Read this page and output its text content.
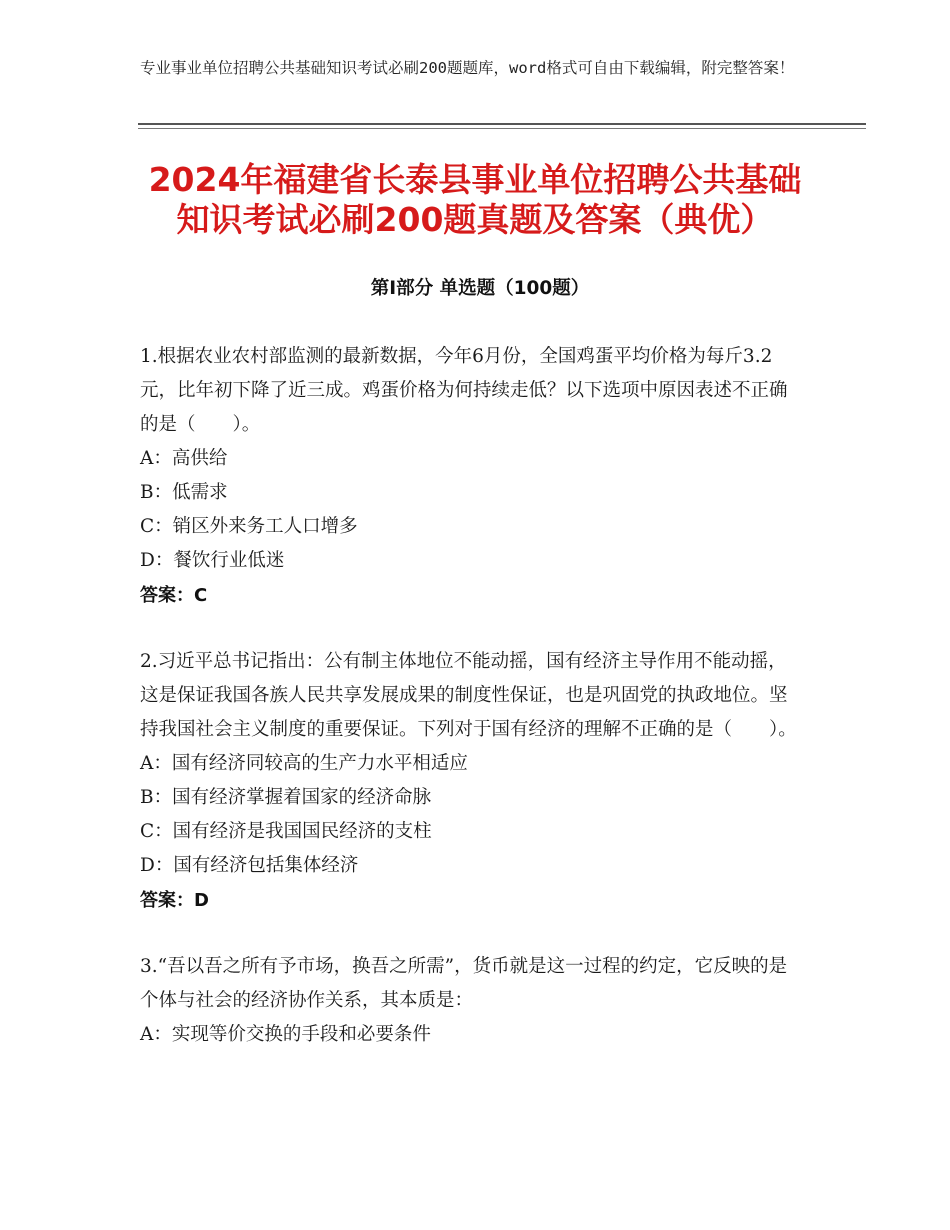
专业事业单位招聘公共基础知识考试必刷200题题库，word格式可自由下载编辑，附完整答案！
2024年福建省长泰县事业单位招聘公共基础
知识考试必刷200题真题及答案（典优）
第Ⅰ部分 单选题（100题）

1.根据农业农村部监测的最新数据，今年6月份，全国鸡蛋平均价格为每斤3.2元，比年初下降了近三成。鸡蛋价格为何持续走低？以下选项中原因表述不正确的是（　　）。

A：高供给

B：低需求

C：销区外来务工人口增多

D：餐饮行业低迷

答案：C

2.习近平总书记指出：公有制主体地位不能动摇，国有经济主导作用不能动摇，这是保证我国各族人民共享发展成果的制度性保证，也是巩固党的执政地位。坚持我国社会主义制度的重要保证。下列对于国有经济的理解不正确的是（　　）。

A：国有经济同较高的生产力水平相适应

B：国有经济掌握着国家的经济命脉

C：国有经济是我国国民经济的支柱

D：国有经济包括集体经济

答案：D

3.“吾以吾之所有予市场，换吾之所需”，货币就是这一过程的约定，它反映的是个体与社会的经济协作关系，其本质是：

A：实现等价交换的手段和必要条件
